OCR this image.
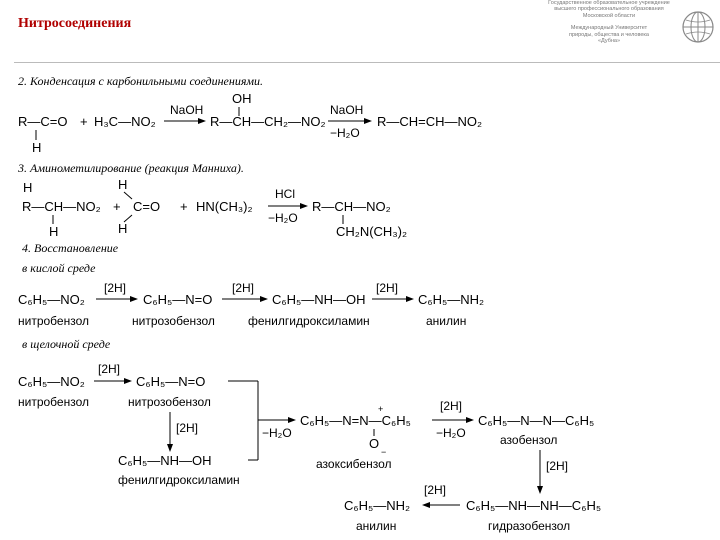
Нитросоединения
Государственное образовательное учреждение
высшего профессионального образования
Московской области
Международный Университет
природы, общества и человека
«Дубна»
2. Конденсация с карбонильными соединениями.
R—C=O
H
+ H₃C—NO₂
NaOH
OH
R—CH—CH₂—NO₂
NaOH
−H₂O
R—CH=CH—NO₂
3. Аминометилирование (реакция Манниха).
H
R—CH—NO₂
H
+
H
C=O
H
+ HN(CH₃)₂
HCl
−H₂O
R—CH—NO₂
CH₂N(CH₃)₂
4. Восстановление
в кислой среде
C₆H₅—NO₂
нитробензол
[2H]
C₆H₅—N=O
нитрозобензол
[2H]
C₆H₅—NH—OH
фенилгидроксиламин
[2H]
C₆H₅—NH₂
анилин
в щелочной среде
C₆H₅—NO₂
нитробензол
[2H]
C₆H₅—N=O
нитрозобензол
[2H]
C₆H₅—NH—OH
фенилгидроксиламин
−H₂O
C₆H₅—N=N—C₆H₅
+
O
−
азоксибензол
[2H]
−H₂O
C₆H₅—N—N—C₆H₅
азобензол
[2H]
C₆H₅—NH—NH—C₆H₅
гидразобензол
[2H]
C₆H₅—NH₂
анилин
